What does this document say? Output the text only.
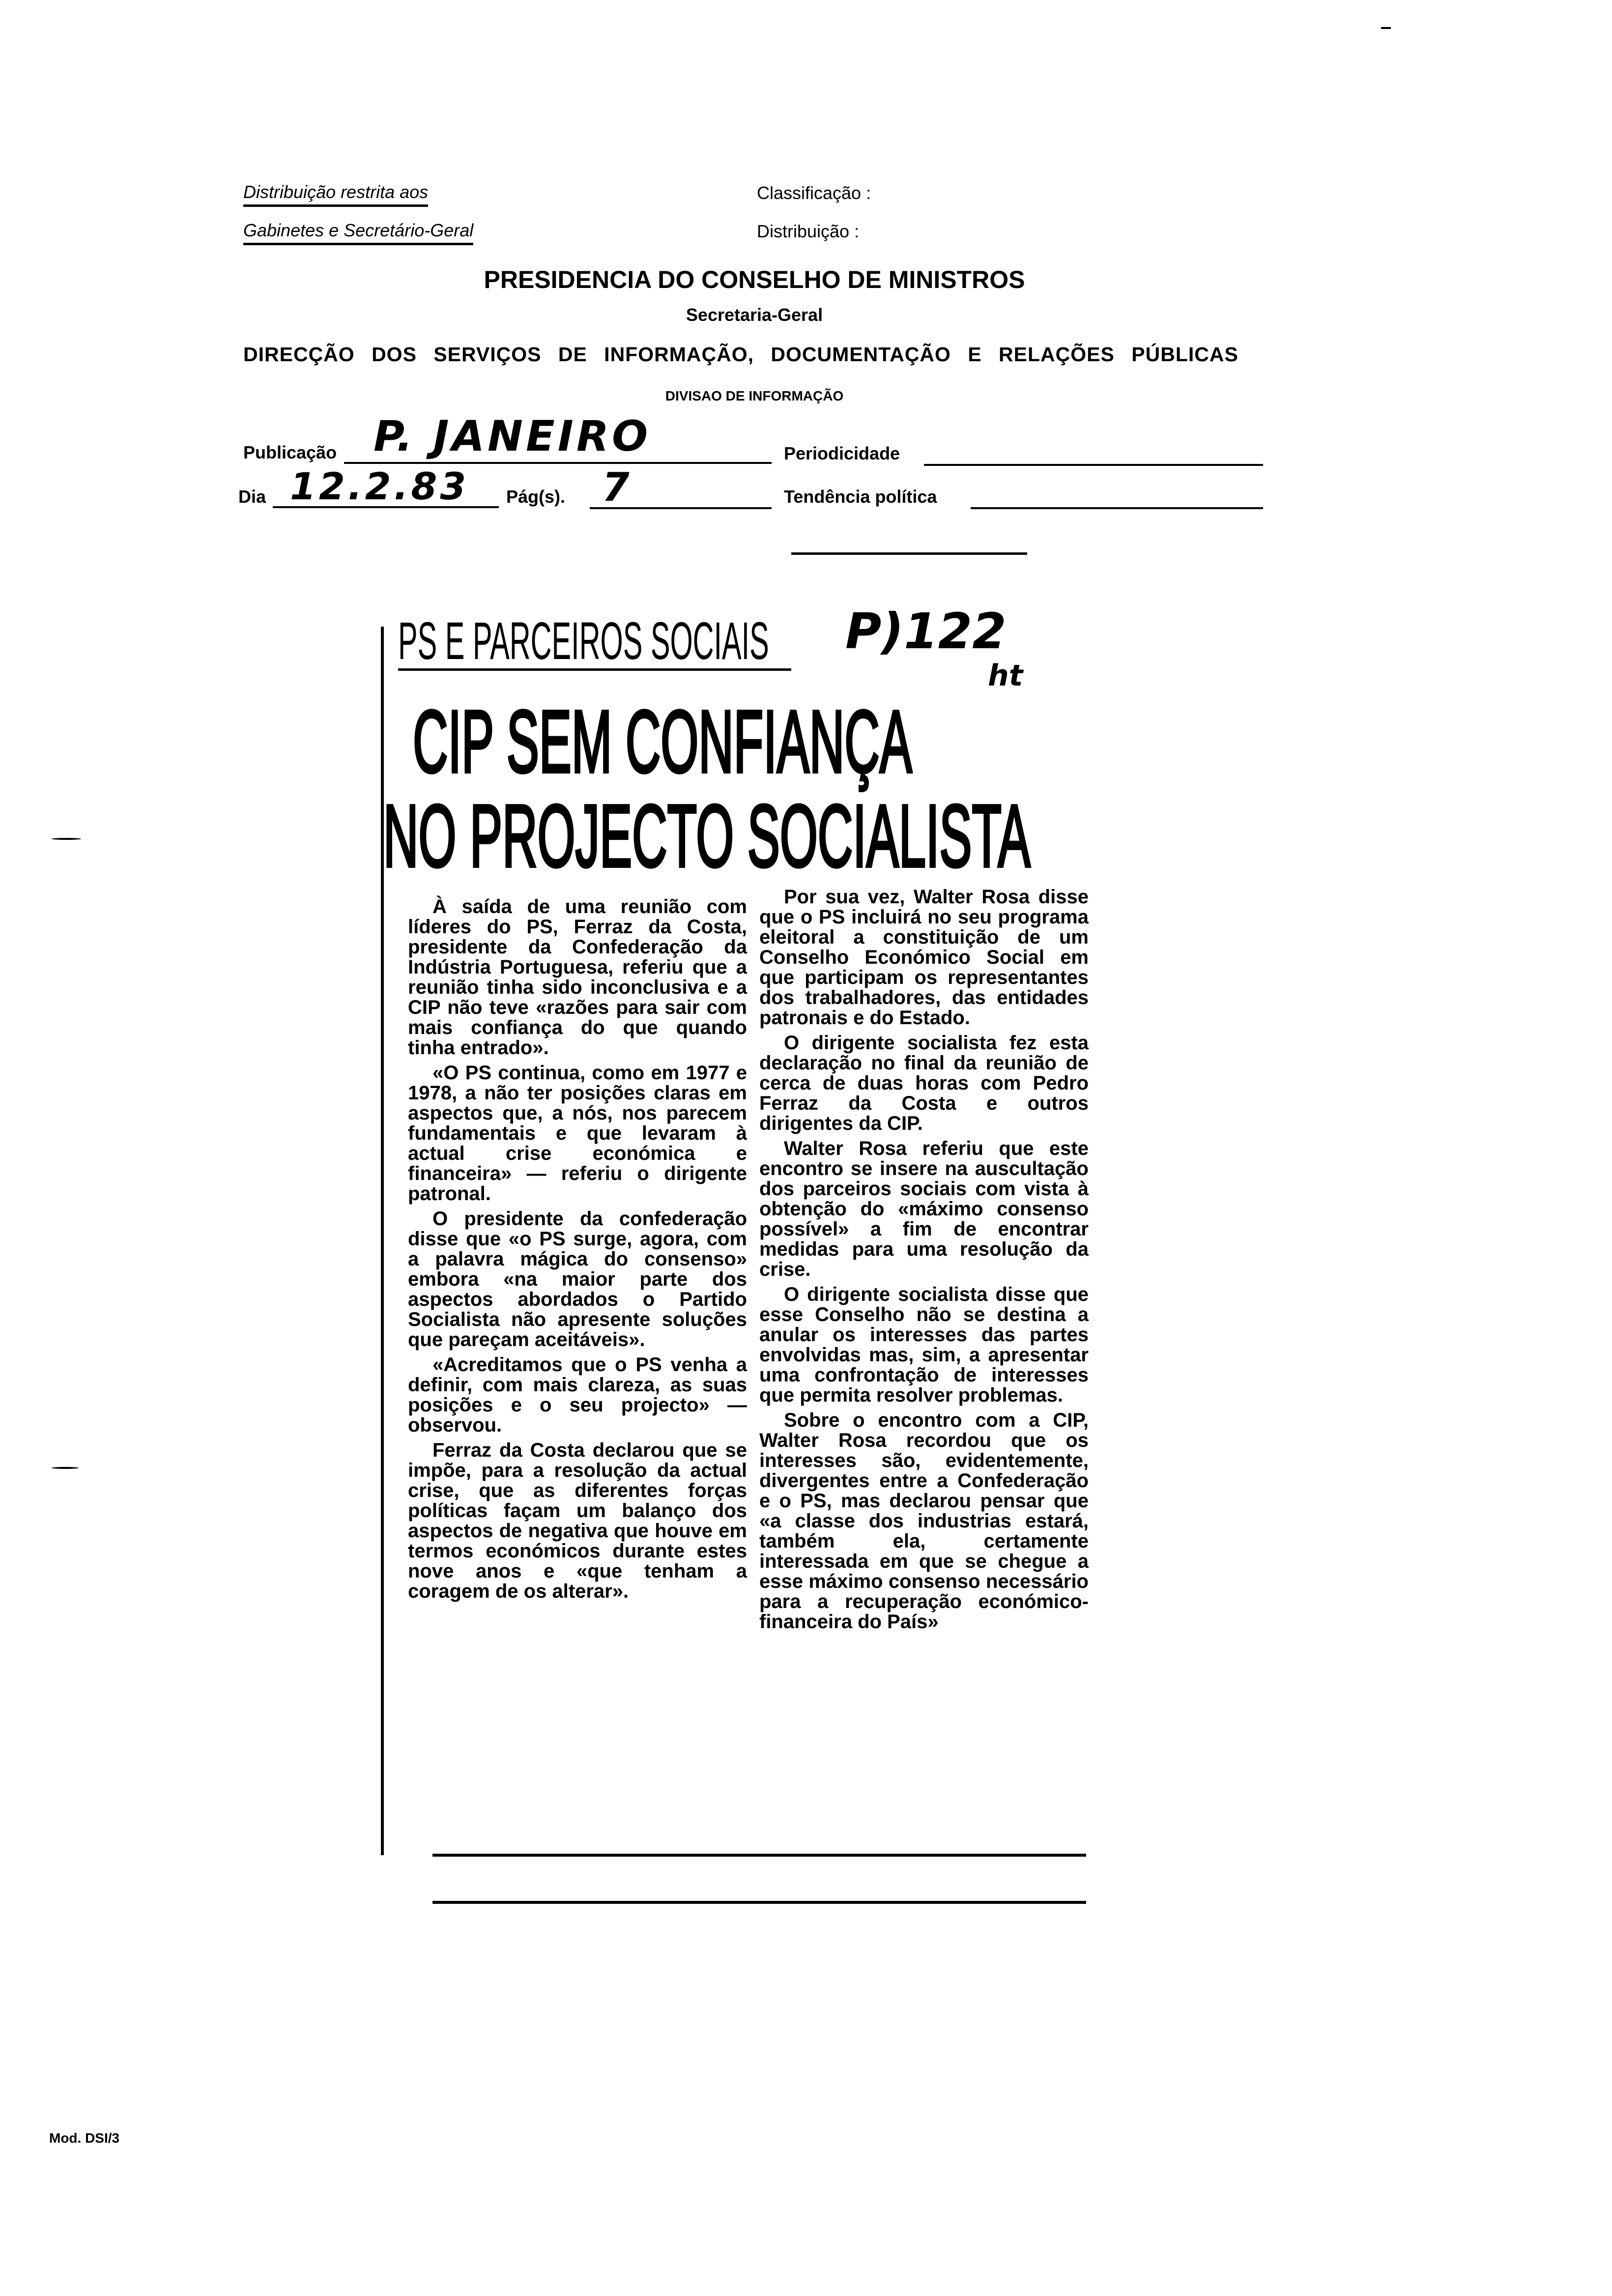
Distribuição restrita aos
Gabinetes e Secretário-Geral
Classificação :
Distribuição :
PRESIDENCIA DO CONSELHO DE MINISTROS
Secretaria-Geral
DIRECÇÃO DOS SERVIÇOS DE INFORMAÇÃO, DOCUMENTAÇÃO E RELAÇÕES PÚBLICAS
DIVISAO DE INFORMAÇÃO
Publicação P. JANEIRO	Periodicidade
Dia 12.2.83 Pág(s). 7	Tendência política
PS E PARCEIROS SOCIAIS	P)122
ht
CIP SEM CONFIANÇA
NO PROJECTO SOCIALISTA

À saída de uma reunião com líderes do PS, Ferraz da Costa, presidente da Confederação da Indústria Portuguesa, referiu que a reunião tinha sido inconclusiva e a CIP não teve «razões para sair com mais confiança do que quando tinha entrado».

«O PS continua, como em 1977 e 1978, a não ter posições claras em aspectos que, a nós, nos parecem fundamentais e que levaram à actual crise económica e financeira» — referiu o dirigente patronal.

O presidente da confederação disse que «o PS surge, agora, com a palavra mágica do consenso» embora «na maior parte dos aspectos abordados o Partido Socialista não apresente soluções que pareçam aceitáveis».

«Acreditamos que o PS venha a definir, com mais clareza, as suas posições e o seu projecto» — observou.

Ferraz da Costa declarou que se impõe, para a resolução da actual crise, que as diferentes forças políticas façam um balanço dos aspectos de negativa que houve em termos económicos durante estes nove anos e «que tenham a coragem de os alterar».

Por sua vez, Walter Rosa disse que o PS incluirá no seu programa eleitoral a constituição de um Conselho Económico Social em que participam os representantes dos trabalhadores, das entidades patronais e do Estado.

O dirigente socialista fez esta declaração no final da reunião de cerca de duas horas com Pedro Ferraz da Costa e outros dirigentes da CIP.

Walter Rosa referiu que este encontro se insere na auscultação dos parceiros sociais com vista à obtenção do «máximo consenso possível» a fim de encontrar medidas para uma resolução da crise.

O dirigente socialista disse que esse Conselho não se destina a anular os interesses das partes envolvidas mas, sim, a apresentar uma confrontação de interesses que permita resolver problemas.

Sobre o encontro com a CIP, Walter Rosa recordou que os interesses são, evidentemente, divergentes entre a Confederação e o PS, mas declarou pensar que «a classe dos industrias estará, também ela, certamente interessada em que se chegue a esse máximo consenso necessário para a recuperação económico-financeira do País»

Mod. DSI/3
